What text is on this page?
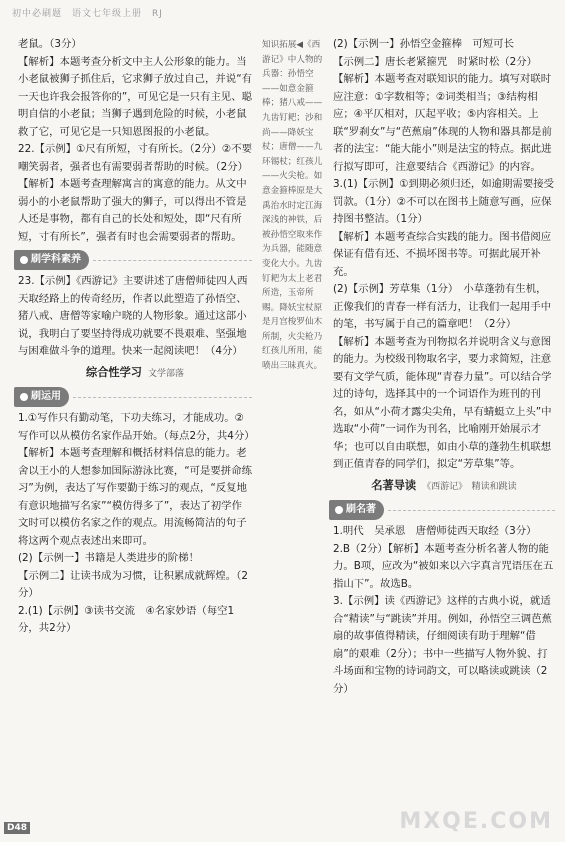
初中必刷题　语文七年级上册　RJ

老鼠。（3分）

【解析】本题考查分析文中主人公形象的能力。当小老鼠被狮子抓住后，它求狮子放过自己，并说“有一天也许我会报答你的”，可见它是一只有主见、聪明自信的小老鼠；当狮子遇到危险的时候，小老鼠救了它，可见它是一只知恩图报的小老鼠。

22.【示例】①尺有所短，寸有所长。（2分）②不要嘲笑弱者，强者也有需要弱者帮助的时候。（2分）

【解析】本题考查理解寓言的寓意的能力。从文中弱小的小老鼠帮助了强大的狮子，可以得出不管是人还是事物，都有自己的长处和短处，即“尺有所短，寸有所长”，强者有时也会需要弱者的帮助。

刷学科素养

23.【示例】《西游记》主要讲述了唐僧师徒四人西天取经路上的传奇经历，作者以此塑造了孙悟空、猪八戒、唐僧等家喻户晓的人物形象。通过这部小说，我明白了要坚持得成功就要不畏艰难、坚强地与困难做斗争的道理。快来一起阅读吧！（4分）

综合性学习 文学部落
刷运用

1.①写作只有勤动笔，下功夫练习，才能成功。②写作可以从模仿名家作品开始。（每点2分，共4分）

【解析】本题考查理解和概括材料信息的能力。老舍以王小的人想参加国际游泳比赛，“可是要拼命练习”为例，表达了写作要勤于练习的观点，“反复地有意识地描写名家”“模仿得多了”，表达了初学作文时可以模仿名家之作的观点。用流畅简洁的句子将这两个观点表述出来即可。

(2)【示例一】书籍是人类进步的阶梯！

【示例二】让读书成为习惯，让积累成就辉煌。（2分）

2.(1)【示例】③读书交流　④名家妙语（每空1分，共2分）

知识拓展◀《西游记》中人物的兵器：孙悟空——如意金箍棒；猪八戒——九齿钉耙；沙和尚——降妖宝杖；唐僧——九环锡杖；红孩儿——火尖枪。如意金箍棒原是大禹治水时定江海深浅的神铁，后被孙悟空取来作为兵器，能随意变化大小。九齿钉耙为太上老君所造，玉帝所赐。降妖宝杖原是月宫梭罗仙木所制，火尖枪乃红孩儿所用，能喷出三昧真火。

(2)【示例一】孙悟空金箍棒　可短可长

【示例二】唐长老紧箍咒　时紧时松（2分）

【解析】本题考查对联知识的能力。填写对联时应注意：①字数相等；②词类相当；③结构相应；④平仄相对，仄起平收；⑤内容相关。上联“罗刹女”与“芭蕉扇”体现的人物和器具都是前者的法宝：“能大能小”则是法宝的特点。据此进行拟写即可，注意要结合《西游记》的内容。

3.(1)【示例】①到期必须归还，如逾期需要接受罚款。（1分）②不可以在图书上随意写画，应保持图书整洁。（1分）

【解析】本题考查综合实践的能力。图书借阅应保证有借有还、不损坏图书等。可据此展开补充。

(2)【示例】芳草集（1分）　小草蓬勃有生机，正像我们的青春一样有活力，让我们一起用手中的笔，书写属于自己的篇章吧！（2分）

【解析】本题考查为刊物拟名并说明含义与意图的能力。为校级刊物取名字，要力求简短，注意要有文学气质，能体现“青春力量”。可以结合学过的诗句，选择其中的一个词语作为班刊的刊名，如从“小荷才露尖尖角，早有蜻蜓立上头”中选取“小荷”一词作为刊名，比喻刚开始展示才华；也可以自由联想，如由小草的蓬勃生机联想到正值青春的同学们，拟定“芳草集”等。

名著导读 《西游记》　精读和跳读
刷名著

1.明代　吴承恩　唐僧师徒西天取经（3分）

2.B（2分）【解析】本题考查分析名著人物的能力。B项，应改为“被如来以六字真言咒语压在五指山下”。故选B。

3.【示例】读《西游记》这样的古典小说，就适合“精读”与“跳读”并用。例如，孙悟空三调芭蕉扇的故事值得精读，仔细阅读有助于理解“借扇”的艰难（2分）；书中一些描写人物外貌、打斗场面和宝物的诗词韵文，可以略读或跳读（2分）

D48	MXQE.COM
